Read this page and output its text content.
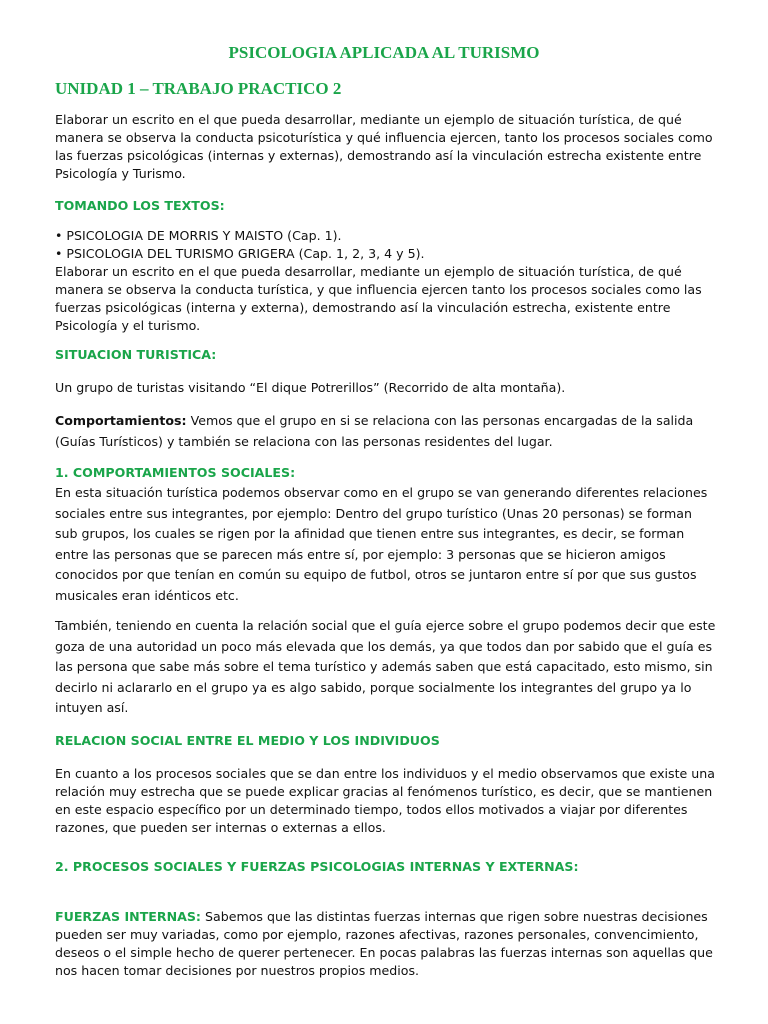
PSICOLOGIA APLICADA AL TURISMO
UNIDAD 1 – TRABAJO PRACTICO 2

Elaborar un escrito en el que pueda desarrollar, mediante un ejemplo de situación turística, de qué manera se observa la conducta psicoturística y qué influencia ejercen, tanto los procesos sociales como las fuerzas psicológicas (internas y externas), demostrando así la vinculación estrecha existente entre Psicología y Turismo.

TOMANDO LOS TEXTOS:
• PSICOLOGIA DE MORRIS Y MAISTO (Cap. 1).
• PSICOLOGIA DEL TURISMO GRIGERA (Cap. 1, 2, 3, 4 y 5).
Elaborar un escrito en el que pueda desarrollar, mediante un ejemplo de situación turística, de qué manera se observa la conducta turística, y que influencia ejercen tanto los procesos sociales como las fuerzas psicológicas (interna y externa), demostrando así la vinculación estrecha, existente entre Psicología y el turismo.
SITUACION TURISTICA:

Un grupo de turistas visitando “El dique Potrerillos” (Recorrido de alta montaña).

Comportamientos: Vemos que el grupo en si se relaciona con las personas encargadas de la salida (Guías Turísticos) y también se relaciona con las personas residentes del lugar.

1. COMPORTAMIENTOS SOCIALES:

En esta situación turística podemos observar como en el grupo se van generando diferentes relaciones sociales entre sus integrantes, por ejemplo: Dentro del grupo turístico (Unas 20 personas) se forman sub grupos, los cuales se rigen por la afinidad que tienen entre sus integrantes, es decir, se forman entre las personas que se parecen más entre sí, por ejemplo: 3 personas que se hicieron amigos conocidos por que tenían en común su equipo de futbol, otros se juntaron entre sí por que sus gustos musicales eran idénticos etc.

También, teniendo en cuenta la relación social que el guía ejerce sobre el grupo podemos decir que este goza de una autoridad un poco más elevada que los demás, ya que todos dan por sabido que el guía es las persona que sabe más sobre el tema turístico y además saben que está capacitado, esto mismo, sin decirlo ni aclararlo en el grupo ya es algo sabido, porque socialmente los integrantes del grupo ya lo intuyen así.

RELACION SOCIAL ENTRE EL MEDIO Y LOS INDIVIDUOS

En cuanto a los procesos sociales que se dan entre los individuos y el medio observamos que existe una relación muy estrecha que se puede explicar gracias al fenómenos turístico, es decir, que se mantienen en este espacio específico por un determinado tiempo, todos ellos motivados a viajar por diferentes razones, que pueden ser internas o externas a ellos.

2. PROCESOS SOCIALES Y FUERZAS PSICOLOGIAS INTERNAS Y EXTERNAS:

FUERZAS INTERNAS: Sabemos que las distintas fuerzas internas que rigen sobre nuestras decisiones pueden ser muy variadas, como por ejemplo, razones afectivas, razones personales, convencimiento, deseos o el simple hecho de querer pertenecer. En pocas palabras las fuerzas internas son aquellas que nos hacen tomar decisiones por nuestros propios medios.
